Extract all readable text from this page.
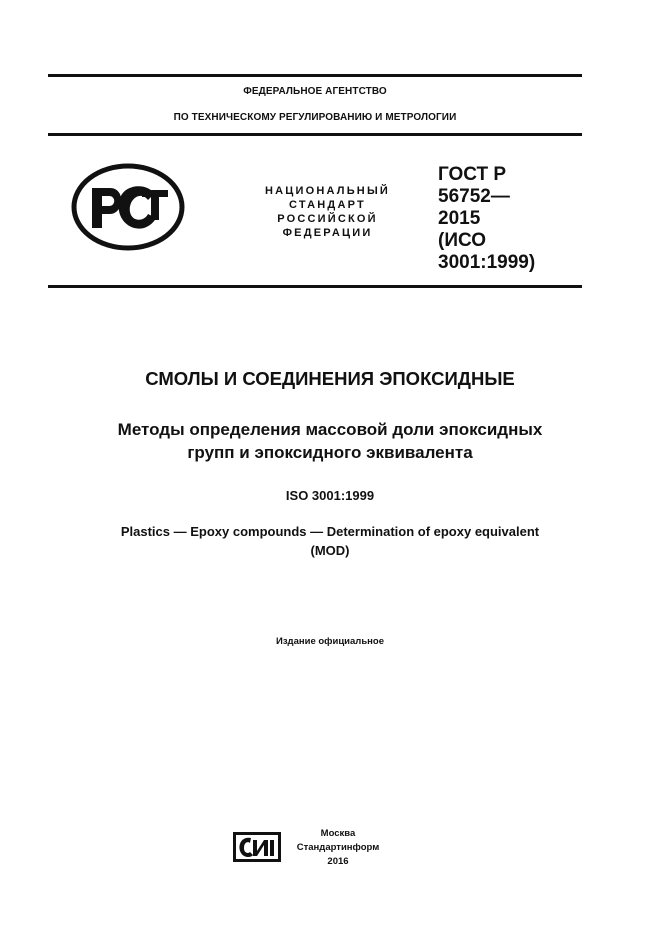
ФЕДЕРАЛЬНОЕ АГЕНТСТВО
ПО ТЕХНИЧЕСКОМУ РЕГУЛИРОВАНИЮ И МЕТРОЛОГИИ
НАЦИОНАЛЬНЫЙ
СТАНДАРТ
РОССИЙСКОЙ
ФЕДЕРАЦИИ
ГОСТ Р
56752—
2015
(ИСО
3001:1999)
СМОЛЫ И СОЕДИНЕНИЯ ЭПОКСИДНЫЕ
Методы определения массовой доли эпоксидных
групп и эпоксидного эквивалента
ISO 3001:1999
Plastics — Epoxy compounds — Determination of epoxy equivalent
(MOD)
Издание официальное
Москва
Стандартинформ
2016
